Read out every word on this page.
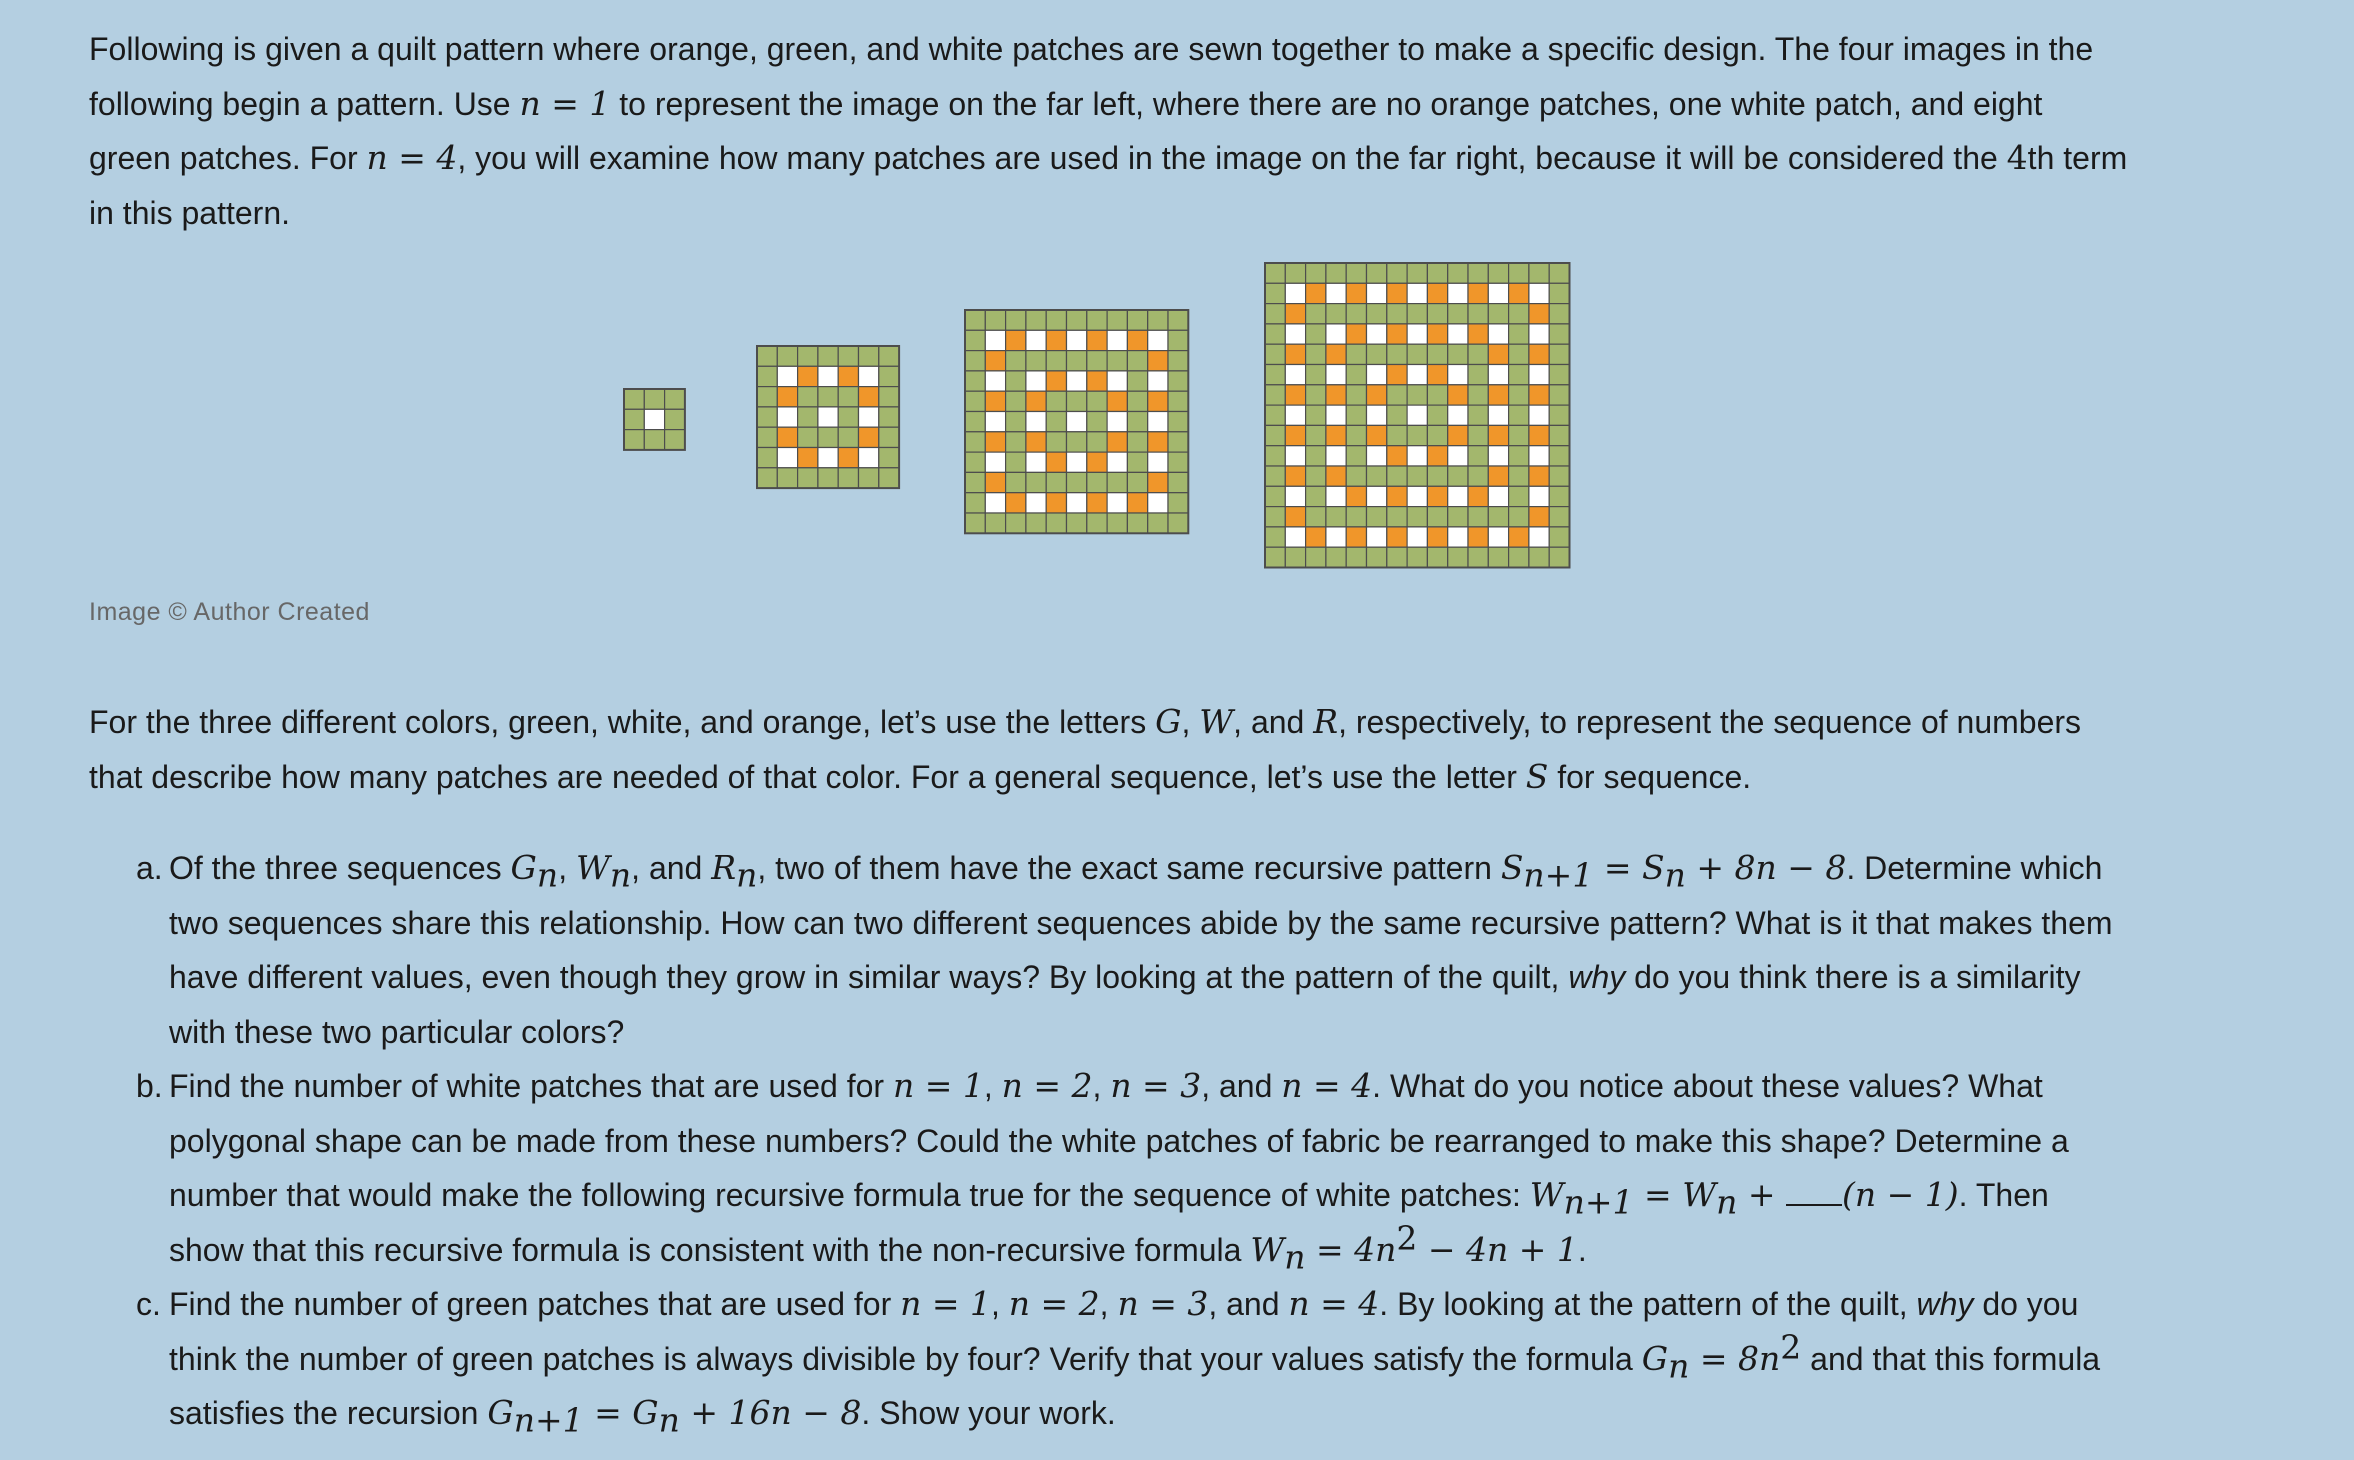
Following is given a quilt pattern where orange, green, and white patches are sewn together to make a specific design. The four images in the following begin a pattern. Use n = 1 to represent the image on the far left, where there are no orange patches, one white patch, and eight green patches. For n = 4, you will examine how many patches are used in the image on the far right, because it will be considered the 4th term in this pattern.

Image © Author Created

For the three different colors, green, white, and orange, let’s use the letters G, W, and R, respectively, to represent the sequence of numbers that describe how many patches are needed of that color. For a general sequence, let’s use the letter S for sequence.

a. Of the three sequences $G_n$, $W_n$, and $R_n$, two of them have the exact same recursive pattern $S_{n+1} = S_n + 8n - 8$. Determine which two sequences share this relationship. How can two different sequences abide by the same recursive pattern? What is it that makes them have different values, even though they grow in similar ways? By looking at the pattern of the quilt, why do you think there is a similarity with these two particular colors?
b. Find the number of white patches that are used for n = 1, n = 2, n = 3, and n = 4. What do you notice about these values? What polygonal shape can be made from these numbers? Could the white patches of fabric be rearranged to make this shape? Determine a number that would make the following recursive formula true for the sequence of white patches: $W_{n+1} = W_n + (n - 1)$. Then show that this recursive formula is consistent with the non-recursive formula $W_n = 4n^2 - 4n + 1$.
c. Find the number of green patches that are used for n = 1, n = 2, n = 3, and n = 4. By looking at the pattern of the quilt, why do you think the number of green patches is always divisible by four? Verify that your values satisfy the formula $G_n = 8n^2$ and that this formula satisfies the recursion $G_{n+1} = G_n + 16n - 8$. Show your work.
